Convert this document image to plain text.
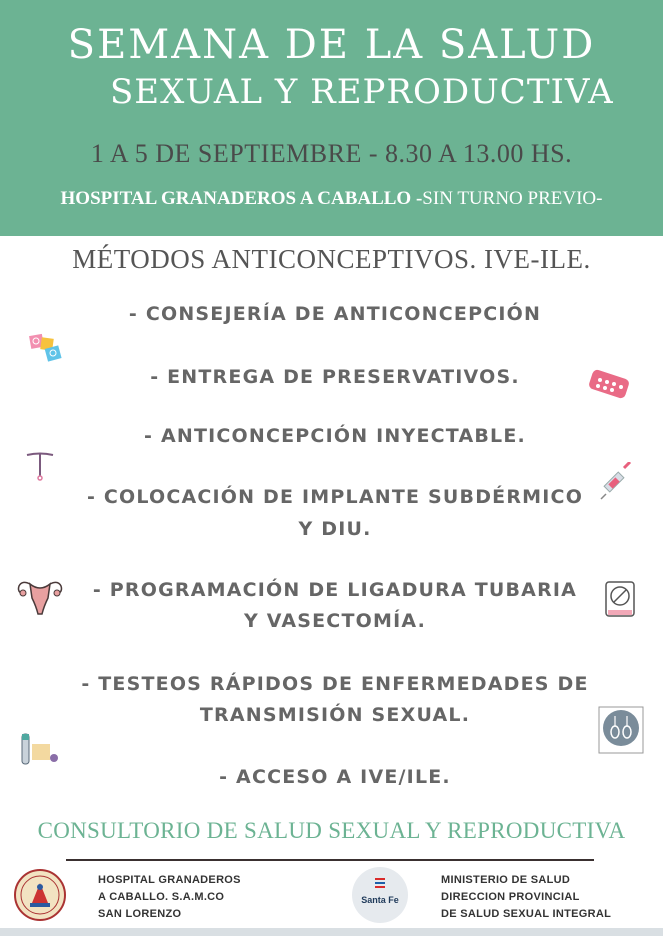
SEMANA DE LA SALUD
SEXUAL Y REPRODUCTIVA
1 A 5 DE SEPTIEMBRE - 8.30 A 13.00 HS.
HOSPITAL GRANADEROS A CABALLO -SIN TURNO PREVIO-
MÉTODOS ANTICONCEPTIVOS. IVE-ILE.
- CONSEJERÍA DE ANTICONCEPCIÓN
- ENTREGA DE PRESERVATIVOS.
- ANTICONCEPCIÓN INYECTABLE.
- COLOCACIÓN DE IMPLANTE SUBDÉRMICO
Y DIU.
- PROGRAMACIÓN DE LIGADURA TUBARIA
Y VASECTOMÍA.
- TESTEOS RÁPIDOS DE ENFERMEDADES DE
TRANSMISIÓN SEXUAL.
- ACCESO A IVE/ILE.
CONSULTORIO DE SALUD SEXUAL Y REPRODUCTIVA
HOSPITAL GRANADEROS
A CABALLO. S.A.M.CO
SAN LORENZO
Santa Fe
MINISTERIO DE SALUD
DIRECCION PROVINCIAL
DE SALUD SEXUAL INTEGRAL
